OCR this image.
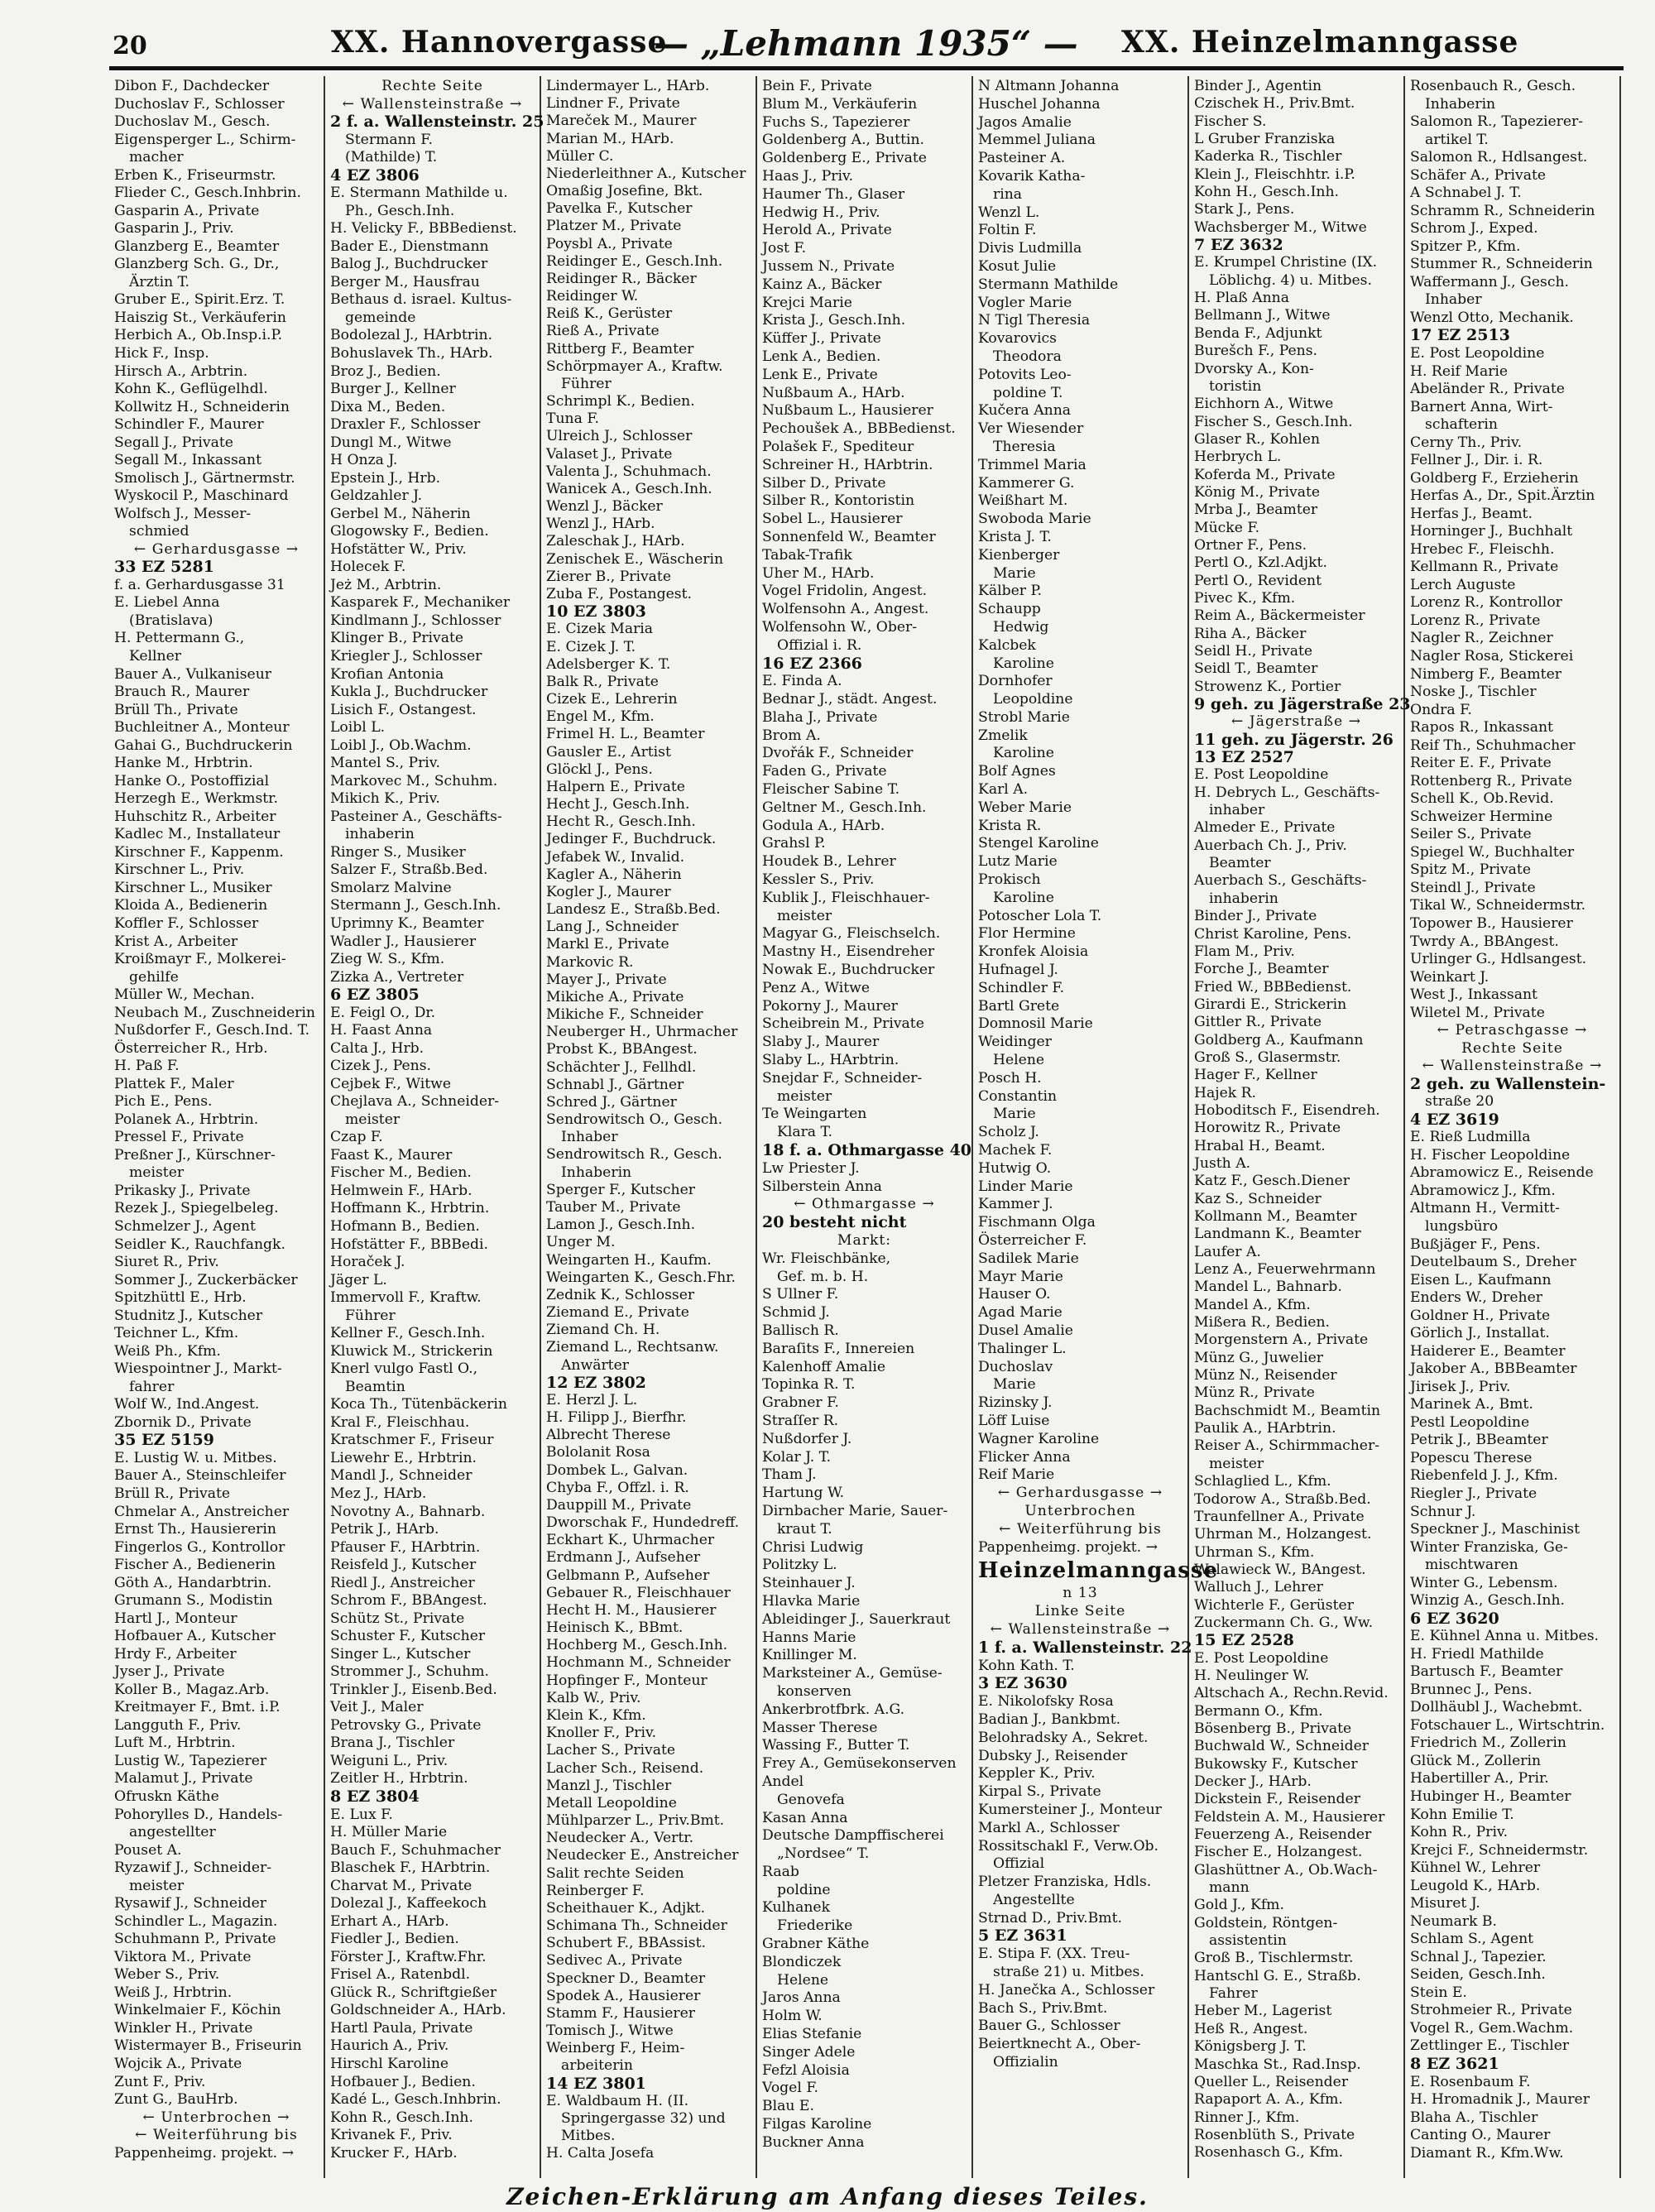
20	XX. Hannovergasse
— „Lehmann 1935“ — XX. Heinzelmanngasse
Dibon F., Dachdecker
Duchoslav F., Schlosser
Duchoslav M., Gesch.
Eigensperger L., Schirm-
macher
Erben K., Friseurmstr.
Flieder C., Gesch.Inhbrin.
Gasparin A., Private
Gasparin J., Priv.
Glanzberg E., Beamter
Glanzberg Sch. G., Dr.,
Ärztin T.
Gruber E., Spirit.Erz. T.
Haiszig St., Verkäuferin
Herbich A., Ob.Insp.i.P.
Hick F., Insp.
Hirsch A., Arbtrin.
Kohn K., Geflügelhdl.
Kollwitz H., Schneiderin
Schindler F., Maurer
Segall J., Private
Segall M., Inkassant
Smolisch J., Gärtnermstr.
Wyskocil P., Maschinard
Wolfsch J., Messer-
schmied
← Gerhardusgasse →
33 EZ 5281
f. a. Gerhardusgasse 31
E. Liebel Anna
(Bratislava)
H. Pettermann G.,
Kellner
Bauer A., Vulkaniseur
Brauch R., Maurer
Brüll Th., Private
Buchleitner A., Monteur
Gahai G., Buchdruckerin
Hanke M., Hrbtrin.
Hanke O., Postoffizial
Herzegh E., Werkmstr.
Huhschitz R., Arbeiter
Kadlec M., Installateur
Kirschner F., Kappenm.
Kirschner L., Priv.
Kirschner L., Musiker
Kloida A., Bedienerin
Koffler F., Schlosser
Krist A., Arbeiter
Kroißmayr F., Molkerei-
gehilfe
Müller W., Mechan.
Neubach M., Zuschneiderin
Nußdorfer F., Gesch.Ind. T.
Österreicher R., Hrb.
H. Paß F.
Plattek F., Maler
Pich E., Pens.
Polanek A., Hrbtrin.
Pressel F., Private
Preßner J., Kürschner-
meister
Prikasky J., Private
Rezek J., Spiegelbeleg.
Schmelzer J., Agent
Seidler K., Rauchfangk.
Siuret R., Priv.
Sommer J., Zuckerbäcker
Spitzhüttl E., Hrb.
Studnitz J., Kutscher
Teichner L., Kfm.
Weiß Ph., Kfm.
Wiespointner J., Markt-
fahrer
Wolf W., Ind.Angest.
Zbornik D., Private
35 EZ 5159
E. Lustig W. u. Mitbes.
Bauer A., Steinschleifer
Brüll R., Private
Chmelar A., Anstreicher
Ernst Th., Hausiererin
Fingerlos G., Kontrollor
Fischer A., Bedienerin
Göth A., Handarbtrin.
Grumann S., Modistin
Hartl J., Monteur
Hofbauer A., Kutscher
Hrdy F., Arbeiter
Jyser J., Private
Koller B., Magaz.Arb.
Kreitmayer F., Bmt. i.P.
Langguth F., Priv.
Luft M., Hrbtrin.
Lustig W., Tapezierer
Malamut J., Private
Ofruskn Käthe
Pohorylles D., Handels-
angestellter
Pouset A.
Ryzawif J., Schneider-
meister
Rysawif J., Schneider
Schindler L., Magazin.
Schuhmann P., Private
Viktora M., Private
Weber S., Priv.
Weiß J., Hrbtrin.
Winkelmaier F., Köchin
Winkler H., Private
Wistermayer B., Friseurin
Wojcik A., Private
Zunt F., Priv.
Zunt G., BauHrb.
← Unterbrochen →
← Weiterführung bis
Pappenheimg. projekt. →
Rechte Seite
← Wallensteinstraße →
2 f. a. Wallensteinstr. 25
Stermann F.
(Mathilde) T.
4 EZ 3806
E. Stermann Mathilde u.
Ph., Gesch.Inh.
H. Velicky F., BBBedienst.
Bader E., Dienstmann
Balog J., Buchdrucker
Berger M., Hausfrau
Bethaus d. israel. Kultus-
gemeinde
Bodolezal J., HArbtrin.
Bohuslavek Th., HArb.
Broz J., Bedien.
Burger J., Kellner
Dixa M., Beden.
Draxler F., Schlosser
Dungl M., Witwe
H Onza J.
Epstein J., Hrb.
Geldzahler J.
Gerbel M., Näherin
Glogowsky F., Bedien.
Hofstätter W., Priv.
Holecek F.
Jeż M., Arbtrin.
Kasparek F., Mechaniker
Kindlmann J., Schlosser
Klinger B., Private
Kriegler J., Schlosser
Krofian Antonia
Kukla J., Buchdrucker
Lisich F., Ostangest.
Loibl L.
Loibl J., Ob.Wachm.
Mantel S., Priv.
Markovec M., Schuhm.
Mikich K., Priv.
Pasteiner A., Geschäfts-
inhaberin
Ringer S., Musiker
Salzer F., Straßb.Bed.
Smolarz Malvine
Stermann J., Gesch.Inh.
Uprimny K., Beamter
Wadler J., Hausierer
Zieg W. S., Kfm.
Zizka A., Vertreter
6 EZ 3805
E. Feigl O., Dr.
H. Faast Anna
Calta J., Hrb.
Cizek J., Pens.
Cejbek F., Witwe
Chejlava A., Schneider-
meister
Czap F.
Faast K., Maurer
Fischer M., Bedien.
Helmwein F., HArb.
Hoffmann K., Hrbtrin.
Hofmann B., Bedien.
Hofstätter F., BBBedi.
Horaček J.
Jäger L.
Immervoll F., Kraftw.
Führer
Kellner F., Gesch.Inh.
Kluwick M., Strickerin
Knerl vulgo Fastl O.,
Beamtin
Koca Th., Tütenbäckerin
Kral F., Fleischhau.
Kratschmer F., Friseur
Liewehr E., Hrbtrin.
Mandl J., Schneider
Mez J., HArb.
Novotny A., Bahnarb.
Petrik J., HArb.
Pfauser F., HArbtrin.
Reisfeld J., Kutscher
Riedl J., Anstreicher
Schrom F., BBAngest.
Schütz St., Private
Schuster F., Kutscher
Singer L., Kutscher
Strommer J., Schuhm.
Trinkler J., Eisenb.Bed.
Veit J., Maler
Petrovsky G., Private
Brana J., Tischler
Weiguni L., Priv.
Zeitler H., Hrbtrin.
8 EZ 3804
E. Lux F.
H. Müller Marie
Bauch F., Schuhmacher
Blaschek F., HArbtrin.
Charvat M., Private
Dolezal J., Kaffeekoch
Erhart A., HArb.
Fiedler J., Bedien.
Förster J., Kraftw.Fhr.
Frisel A., Ratenbdl.
Glück R., Schriftgießer
Goldschneider A., HArb.
Hartl Paula, Private
Haurich A., Priv.
Hirschl Karoline
Hofbauer J., Bedien.
Kadé L., Gesch.Inhbrin.
Kohn R., Gesch.Inh.
Krivanek F., Priv.
Krucker F., HArb.
Lindermayer L., HArb.
Lindner F., Private
Mareček M., Maurer
Marian M., HArb.
Müller C.
Niederleithner A., Kutscher
Omaßig Josefine, Bkt.
Pavelka F., Kutscher
Platzer M., Private
Poysbl A., Private
Reidinger E., Gesch.Inh.
Reidinger R., Bäcker
Reidinger W.
Reiß K., Gerüster
Rieß A., Private
Rittberg F., Beamter
Schörpmayer A., Kraftw.
Führer
Schrimpl K., Bedien.
Tuna F.
Ulreich J., Schlosser
Valaset J., Private
Valenta J., Schuhmach.
Wanicek A., Gesch.Inh.
Wenzl J., Bäcker
Wenzl J., HArb.
Zaleschak J., HArb.
Zenischek E., Wäscherin
Zierer B., Private
Zuba F., Postangest.
10 EZ 3803
E. Cizek Maria
E. Cizek J. T.
Adelsberger K. T.
Balk R., Private
Cizek E., Lehrerin
Engel M., Kfm.
Frimel H. L., Beamter
Gausler E., Artist
Glöckl J., Pens.
Halpern E., Private
Hecht J., Gesch.Inh.
Hecht R., Gesch.Inh.
Jedinger F., Buchdruck.
Jefabek W., Invalid.
Kagler A., Näherin
Kogler J., Maurer
Landesz E., Straßb.Bed.
Lang J., Schneider
Markl E., Private
Markovic R.
Mayer J., Private
Mikiche A., Private
Mikiche F., Schneider
Neuberger H., Uhrmacher
Probst K., BBAngest.
Schächter J., Fellhdl.
Schnabl J., Gärtner
Schred J., Gärtner
Sendrowitsch O., Gesch.
Inhaber
Sendrowitsch R., Gesch.
Inhaberin
Sperger F., Kutscher
Tauber M., Private
Lamon J., Gesch.Inh.
Unger M.
Weingarten H., Kaufm.
Weingarten K., Gesch.Fhr.
Zednik K., Schlosser
Ziemand E., Private
Ziemand Ch. H.
Ziemand L., Rechtsanw.
Anwärter
12 EZ 3802
E. Herzl J. L.
H. Filipp J., Bierfhr.
Albrecht Therese
Bololanit Rosa
Dombek L., Galvan.
Chyba F., Offzl. i. R.
Dauppill M., Private
Dworschak F., Hundedreff.
Eckhart K., Uhrmacher
Erdmann J., Aufseher
Gelbmann P., Aufseher
Gebauer R., Fleischhauer
Hecht H. M., Hausierer
Heinisch K., BBmt.
Hochberg M., Gesch.Inh.
Hochmann M., Schneider
Hopfinger F., Monteur
Kalb W., Priv.
Klein K., Kfm.
Knoller F., Priv.
Lacher S., Private
Lacher Sch., Reisend.
Manzl J., Tischler
Metall Leopoldine
Mühlparzer L., Priv.Bmt.
Neudecker A., Vertr.
Neudecker E., Anstreicher
Salit rechte Seiden
Reinberger F.
Scheithauer K., Adjkt.
Schimana Th., Schneider
Schubert F., BBAssist.
Sedivec A., Private
Speckner D., Beamter
Spodek A., Hausierer
Stamm F., Hausierer
Tomisch J., Witwe
Weinberg F., Heim-
arbeiterin
14 EZ 3801
E. Waldbaum H. (II.
Springergasse 32) und
Mitbes.
H. Calta Josefa
Bein F., Private
Blum M., Verkäuferin
Fuchs S., Tapezierer
Goldenberg A., Buttin.
Goldenberg E., Private
Haas J., Priv.
Haumer Th., Glaser
Hedwig H., Priv.
Herold A., Private
Jost F.
Jussem N., Private
Kainz A., Bäcker
Krejci Marie
Krista J., Gesch.Inh.
Küffer J., Private
Lenk A., Bedien.
Lenk E., Private
Nußbaum A., HArb.
Nußbaum L., Hausierer
Pechoušek A., BBBedienst.
Polašek F., Spediteur
Schreiner H., HArbtrin.
Silber D., Private
Silber R., Kontoristin
Sobel L., Hausierer
Sonnenfeld W., Beamter
Tabak-Trafik
Uher M., HArb.
Vogel Fridolin, Angest.
Wolfensohn A., Angest.
Wolfensohn W., Ober-
Offizial i. R.
16 EZ 2366
E. Finda A.
Bednar J., städt. Angest.
Blaha J., Private
Brom A.
Dvořák F., Schneider
Faden G., Private
Fleischer Sabine T.
Geltner M., Gesch.Inh.
Godula A., HArb.
Grahsl P.
Houdek B., Lehrer
Kessler S., Priv.
Kublik J., Fleischhauer-
meister
Magyar G., Fleischselch.
Mastny H., Eisendreher
Nowak E., Buchdrucker
Penz A., Witwe
Pokorny J., Maurer
Scheibrein M., Private
Slaby J., Maurer
Slaby L., HArbtrin.
Snejdar F., Schneider-
meister
Te Weingarten
Klara T.
18 f. a. Othmargasse 40
Lw Priester J.
Silberstein Anna
← Othmargasse →
20 besteht nicht
Markt:
Wr. Fleischbänke,
Gef. m. b. H.
S Ullner F.
Schmid J.
Ballisch R.
Baraſits F., Innereien
Kalenhoff Amalie
Topinka R. T.
Grabner F.
Straſſer R.
Nußdorfer J.
Kolar J. T.
Tham J.
Hartung W.
Dirnbacher Marie, Sauer-
kraut T.
Chrisi Ludwig
Politzky L.
Steinhauer J.
Hlavka Marie
Ableidinger J., Sauerkraut
Hanns Marie
Knillinger M.
Marksteiner A., Gemüse-
konserven
Ankerbrotfbrk. A.G.
Masser Therese
Wassing F., Butter T.
Frey A., Gemüsekonserven
Andel
Genovefa
Kasan Anna
Deutsche Dampffischerei
„Nordsee“ T.
Raab
poldine
Kulhanek
Friederike
Grabner Käthe
Blondiczek
Helene
Jaros Anna
Holm W.
Elias Stefanie
Singer Adele
Fefzl Aloisia
Vogel F.
Blau E.
Filgas Karoline
Buckner Anna
N Altmann Johanna
Huschel Johanna
Jagos Amalie
Memmel Juliana
Pasteiner A.
Kovarik Katha-
rina
Wenzl L.
Foltin F.
Divis Ludmilla
Kosut Julie
Stermann Mathilde
Vogler Marie
N Tigl Theresia
Kovarovics
Theodora
Potovits Leo-
poldine T.
Kučera Anna
Ver Wiesender
Theresia
Trimmel Maria
Kammerer G.
Weißhart M.
Swoboda Marie
Krista J. T.
Kienberger
Marie
Kälber P.
Schaupp
Hedwig
Kalcbek
Karoline
Dornhofer
Leopoldine
Strobl Marie
Zmelik
Karoline
Bolf Agnes
Karl A.
Weber Marie
Krista R.
Stengel Karoline
Lutz Marie
Prokisch
Karoline
Potoscher Lola T.
Flor Hermine
Kronfek Aloisia
Hufnagel J.
Schindler F.
Bartl Grete
Domnosil Marie
Weidinger
Helene
Posch H.
Constantin
Marie
Scholz J.
Machek F.
Hutwig O.
Linder Marie
Kammer J.
Fischmann Olga
Österreicher F.
Sadilek Marie
Mayr Marie
Hauser O.
Agad Marie
Dusel Amalie
Thalinger L.
Duchoslav
Marie
Rizinsky J.
Löff Luise
Wagner Karoline
Flicker Anna
Reif Marie
← Gerhardusgasse →
Unterbrochen
← Weiterführung bis
Pappenheimg. projekt. →
Heinzelmanngasse
n 13
Linke Seite
← Wallensteinstraße →
1 f. a. Wallensteinstr. 22
Kohn Kath. T.
3 EZ 3630
E. Nikolofsky Rosa
Badian J., Bankbmt.
Belohradsky A., Sekret.
Dubsky J., Reisender
Keppler K., Priv.
Kirpal S., Private
Kumersteiner J., Monteur
Markl A., Schlosser
Rossitschakl F., Verw.Ob.
Offizial
Pletzer Franziska, Hdls.
Angestellte
Strnad D., Priv.Bmt.
5 EZ 3631
E. Stipa F. (XX. Treu-
straße 21) u. Mitbes.
H. Janečka A., Schlosser
Bach S., Priv.Bmt.
Bauer G., Schlosser
Beiertknecht A., Ober-
Offizialin
Binder J., Agentin
Czischek H., Priv.Bmt.
Fischer S.
L Gruber Franziska
Kaderka R., Tischler
Klein J., Fleischhtr. i.P.
Kohn H., Gesch.Inh.
Stark J., Pens.
Wachsberger M., Witwe
7 EZ 3632
E. Krumpel Christine (IX.
Löblichg. 4) u. Mitbes.
H. Plaß Anna
Bellmann J., Witwe
Benda F., Adjunkt
Burešch F., Pens.
Dvorsky A., Kon-
toristin
Eichhorn A., Witwe
Fischer S., Gesch.Inh.
Glaser R., Kohlen
Herbrych L.
Koferda M., Private
König M., Private
Mrba J., Beamter
Mücke F.
Ortner F., Pens.
Pertl O., Kzl.Adjkt.
Pertl O., Revident
Pivec K., Kfm.
Reim A., Bäckermeister
Riha A., Bäcker
Seidl H., Private
Seidl T., Beamter
Strowenz K., Portier
9 geh. zu Jägerstraße 23
← Jägerstraße →
11 geh. zu Jägerstr. 26
13 EZ 2527
E. Post Leopoldine
H. Debrych L., Geschäfts-
inhaber
Almeder E., Private
Auerbach Ch. J., Priv.
Beamter
Auerbach S., Geschäfts-
inhaberin
Binder J., Private
Christ Karoline, Pens.
Flam M., Priv.
Forche J., Beamter
Fried W., BBBedienst.
Girardi E., Strickerin
Gittler R., Private
Goldberg A., Kaufmann
Groß S., Glasermstr.
Hager F., Kellner
Hajek R.
Hoboditsch F., Eisendreh.
Horowitz R., Private
Hrabal H., Beamt.
Justh A.
Katz F., Gesch.Diener
Kaz S., Schneider
Kollmann M., Beamter
Landmann K., Beamter
Laufer A.
Lenz A., Feuerwehrmann
Mandel L., Bahnarb.
Mandel A., Kfm.
Mißera R., Bedien.
Morgenstern A., Private
Münz G., Juwelier
Münz N., Reisender
Münz R., Private
Bachschmidt M., Beamtin
Paulik A., HArbtrin.
Reiser A., Schirmmacher-
meister
Schlaglied L., Kfm.
Todorow A., Straßb.Bed.
Traunfellner A., Private
Uhrman M., Holzangest.
Uhrman S., Kfm.
Walawieck W., BAngest.
Walluch J., Lehrer
Wichterle F., Gerüster
Zuckermann Ch. G., Ww.
15 EZ 2528
E. Post Leopoldine
H. Neulinger W.
Altschach A., Rechn.Revid.
Bermann O., Kfm.
Bösenberg B., Private
Buchwald W., Schneider
Bukowsky F., Kutscher
Decker J., HArb.
Dickstein F., Reisender
Feldstein A. M., Hausierer
Feuerzeng A., Reisender
Fischer E., Holzangest.
Glashüttner A., Ob.Wach-
mann
Gold J., Kfm.
Goldstein, Röntgen-
assistentin
Groß B., Tischlermstr.
Hantschl G. E., Straßb.
Fahrer
Heber M., Lagerist
Heß R., Angest.
Königsberg J. T.
Maschka St., Rad.Insp.
Queller L., Reisender
Rapaport A. A., Kfm.
Rinner J., Kfm.
Rosenblüth S., Private
Rosenhasch G., Kfm.
Rosenbauch R., Gesch.
Inhaberin
Salomon R., Tapezierer-
artikel T.
Salomon R., Hdlsangest.
Schäfer A., Private
A Schnabel J. T.
Schramm R., Schneiderin
Schrom J., Exped.
Spitzer P., Kfm.
Stummer R., Schneiderin
Waffermann J., Gesch.
Inhaber
Wenzl Otto, Mechanik.
17 EZ 2513
E. Post Leopoldine
H. Reif Marie
Abeländer R., Private
Barnert Anna, Wirt-
schafterin
Cerny Th., Priv.
Fellner J., Dir. i. R.
Goldberg F., Erzieherin
Herfas A., Dr., Spit.Ärztin
Herfas J., Beamt.
Horninger J., Buchhalt
Hrebec F., Fleischh.
Kellmann R., Private
Lerch Auguste
Lorenz R., Kontrollor
Lorenz R., Private
Nagler R., Zeichner
Nagler Rosa, Stickerei
Nimberg F., Beamter
Noske J., Tischler
Ondra F.
Rapos R., Inkassant
Reif Th., Schuhmacher
Reiter E. F., Private
Rottenberg R., Private
Schell K., Ob.Revid.
Schweizer Hermine
Seiler S., Private
Spiegel W., Buchhalter
Spitz M., Private
Steindl J., Private
Tikal W., Schneidermstr.
Topower B., Hausierer
Twrdy A., BBAngest.
Urlinger G., Hdlsangest.
Weinkart J.
West J., Inkassant
Wiletel M., Private
← Petraschgasse →
Rechte Seite
← Wallensteinstraße →
2 geh. zu Wallenstein-
straße 20
4 EZ 3619
E. Rieß Ludmilla
H. Fischer Leopoldine
Abramowicz E., Reisende
Abramowicz J., Kfm.
Altmann H., Vermitt-
lungsbüro
Bußjäger F., Pens.
Deutelbaum S., Dreher
Eisen L., Kaufmann
Enders W., Dreher
Goldner H., Private
Görlich J., Installat.
Haiderer E., Beamter
Jakober A., BBBeamter
Jirisek J., Priv.
Marinek A., Bmt.
Pestl Leopoldine
Petrik J., BBeamter
Popescu Therese
Riebenfeld J. J., Kfm.
Riegler J., Private
Schnur J.
Speckner J., Maschinist
Winter Franziska, Ge-
mischtwaren
Winter G., Lebensm.
Winzig A., Gesch.Inh.
6 EZ 3620
E. Kühnel Anna u. Mitbes.
H. Friedl Mathilde
Bartusch F., Beamter
Brunnec J., Pens.
Dollhäubl J., Wachebmt.
Fotschauer L., Wirtschtrin.
Friedrich M., Zollerin
Glück M., Zollerin
Habertiller A., Prir.
Hubinger H., Beamter
Kohn Emilie T.
Kohn R., Priv.
Krejci F., Schneidermstr.
Kühnel W., Lehrer
Leugold K., HArb.
Misuret J.
Neumark B.
Schlam S., Agent
Schnal J., Tapezier.
Seiden, Gesch.Inh.
Stein E.
Strohmeier R., Private
Vogel R., Gem.Wachm.
Zettlinger E., Tischler
8 EZ 3621
E. Rosenbaum F.
H. Hromadnik J., Maurer
Blaha A., Tischler
Canting O., Maurer
Diamant R., Kfm.Ww.
Zeichen-Erklärung am Anfang dieses Teiles.
